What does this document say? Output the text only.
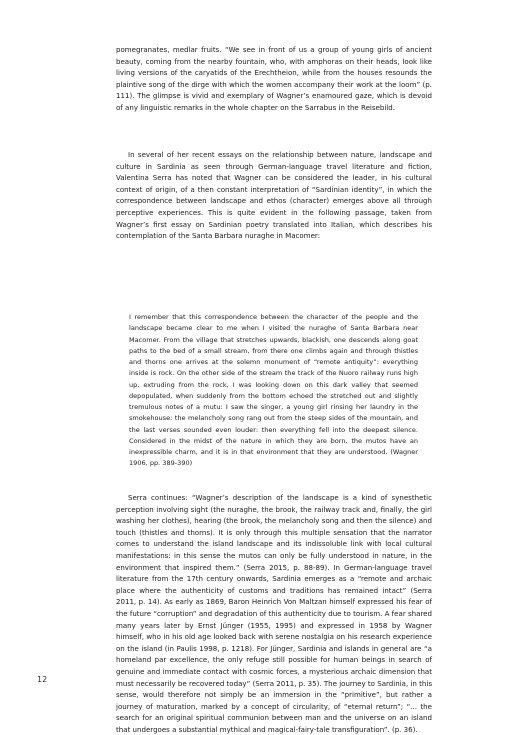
pomegranates, medlar fruits. “We see in front of us a group of young girls of ancient beauty, coming from the nearby fountain, who, with amphoras on their heads, look like living versions of the caryatids of the Erechtheion, while from the houses resounds the plaintive song of the dirge with which the women accompany their work at the loom” (p. 111). The glimpse is vivid and exemplary of Wagner’s enamoured gaze, which is devoid of any linguistic remarks in the whole chapter on the Sarrabus in the Reisebild.

In several of her recent essays on the relationship between nature, landscape and culture in Sardinia as seen through German-language travel literature and fiction, Valentina Serra has noted that Wagner can be considered the leader, in his cultural context of origin, of a then constant interpretation of “Sardinian identity”, in which the correspondence between landscape and ethos (character) emerges above all through perceptive experiences. This is quite evident in the following passage, taken from Wagner’s first essay on Sardinian poetry translated into Italian, which describes his contemplation of the Santa Barbara nuraghe in Macomer:

I remember that this correspondence between the character of the people and the landscape became clear to me when I visited the nuraghe of Santa Barbara near Macomer. From the village that stretches upwards, blackish, one descends along goat paths to the bed of a small stream, from there one climbs again and through thistles and thorns one arrives at the solemn monument of “remote antiquity”: everything inside is rock. On the other side of the stream the track of the Nuoro railway runs high up, extruding from the rock, I was looking down on this dark valley that seemed depopulated, when suddenly from the bottom echoed the stretched out and slightly tremulous notes of a mutu: I saw the singer, a young girl rinsing her laundry in the smokehouse: the melancholy song rang out from the steep sides of the mountain, and the last verses sounded even louder: then everything fell into the deepest silence. Considered in the midst of the nature in which they are born, the mutos have an inexpressible charm, and it is in that environment that they are understood. (Wagner 1906, pp. 389-390)

Serra continues: “Wagner’s description of the landscape is a kind of synesthetic perception involving sight (the nuraghe, the brook, the railway track and, finally, the girl washing her clothes), hearing (the brook, the melancholy song and then the silence) and touch (thistles and thorns). It is only through this multiple sensation that the narrator comes to understand the island landscape and its indissoluble link with local cultural manifestations: in this sense the mutos can only be fully understood in nature, in the environment that inspired them.” (Serra 2015, p. 88-89). In German-language travel literature from the 17th century onwards, Sardinia emerges as a “remote and archaic place where the authenticity of customs and traditions has remained intact” (Serra 2011, p. 14). As early as 1869, Baron Heinrich Von Maltzan himself expressed his fear of the future “corruption” and degradation of this authenticity due to tourism. A fear shared many years later by Ernst Jünger (1955, 1995) and expressed in 1958 by Wagner himself, who in his old age looked back with serene nostalgia on his research experience on the island (in Paulis 1998, p. 1218). For Jünger, Sardinia and islands in general are “a homeland par excellence, the only refuge still possible for human beings in search of genuine and immediate contact with cosmic forces, a mysterious archaic dimension that must necessarily be recovered today” (Serra 2011, p. 35). The journey to Sardinia, in this sense, would therefore not simply be an immersion in the “primitive”, but rather a journey of maturation, marked by a concept of circularity, of “eternal return”; “... the search for an original spiritual communion between man and the universe on an island that undergoes a substantial mythical and magical-fairy-tale transfiguration”. (p. 36).

12
